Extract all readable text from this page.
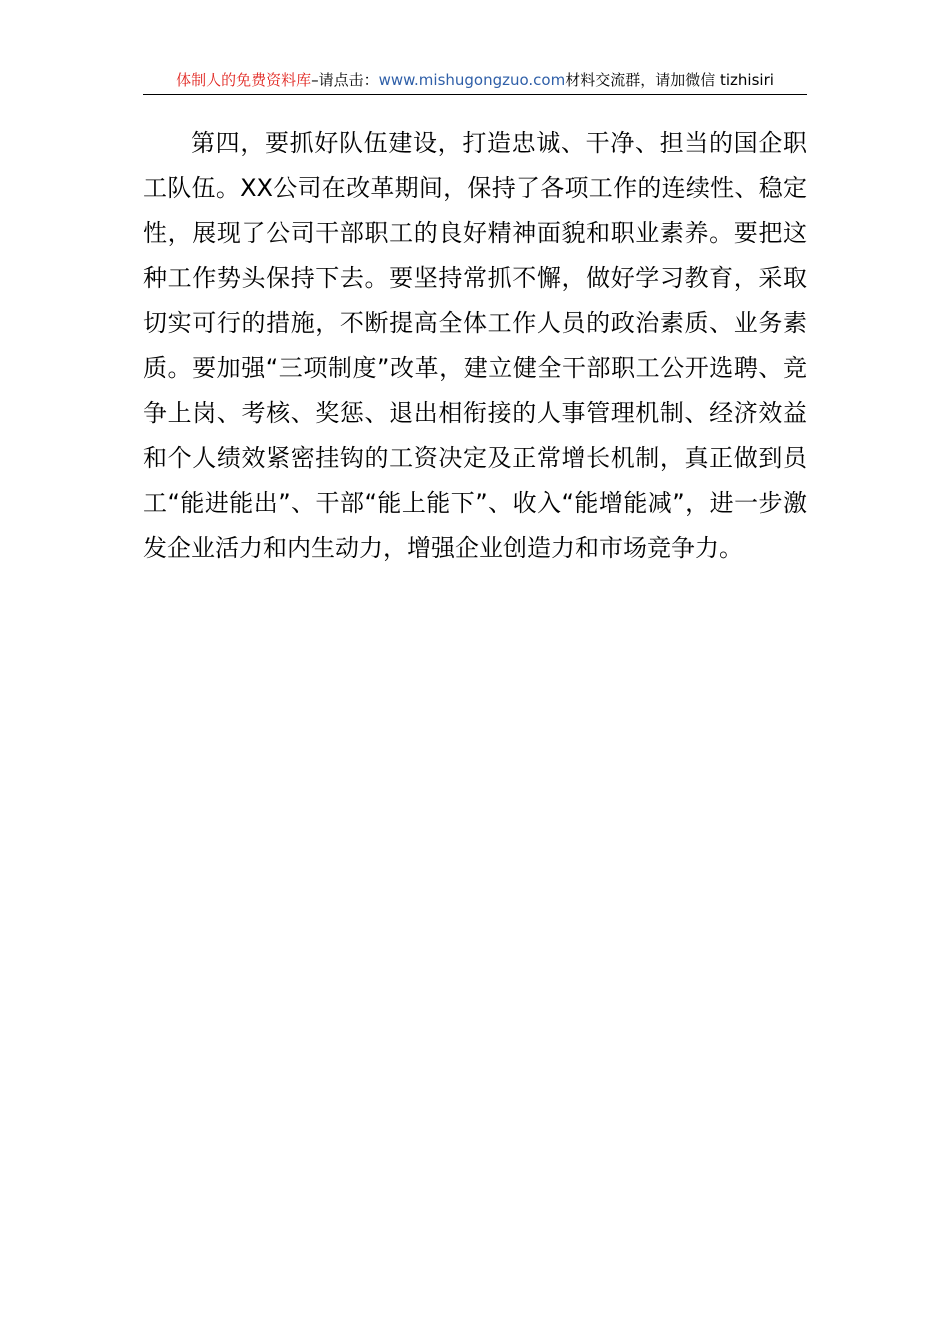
体制人的免费资料库–请点击：www.mishugongzuo.com材料交流群，请加微信 tizhisiri

第四，要抓好队伍建设，打造忠诚、干净、担当的国企职工队伍。XX公司在改革期间，保持了各项工作的连续性、稳定性，展现了公司干部职工的良好精神面貌和职业素养。要把这种工作势头保持下去。要坚持常抓不懈，做好学习教育，采取切实可行的措施，不断提高全体工作人员的政治素质、业务素质。要加强“三项制度”改革，建立健全干部职工公开选聘、竞争上岗、考核、奖惩、退出相衔接的人事管理机制、经济效益和个人绩效紧密挂钩的工资决定及正常增长机制，真正做到员工“能进能出”、干部“能上能下”、收入“能增能减”，进一步激发企业活力和内生动力，增强企业创造力和市场竞争力。
